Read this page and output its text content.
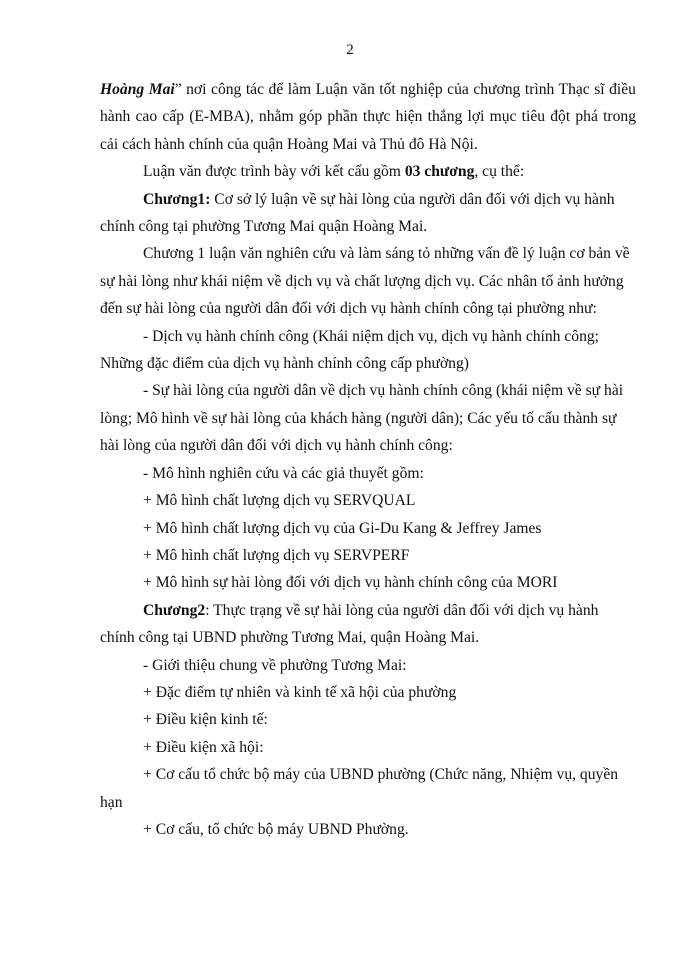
2

Hoàng Mai” nơi công tác để làm Luận văn tốt nghiệp của chương trình Thạc sĩ điều hành cao cấp (E-MBA), nhằm góp phần thực hiện thắng lợi mục tiêu đột phá trong cải cách hành chính của quận Hoàng Mai và Thủ đô Hà Nội.

Luận văn được trình bày với kết cấu gồm 03 chương, cụ thể:

Chương1: Cơ sở lý luận về sự hài lòng của người dân đối với dịch vụ hành chính công tại phường Tương Mai quận Hoàng Mai.

Chương 1 luận văn nghiên cứu và làm sáng tỏ những vấn đề lý luận cơ bản về sự hài lòng như khái niệm về dịch vụ và chất lượng dịch vụ. Các nhân tố ảnh hưởng đến sự hài lòng của người dân đối với dịch vụ hành chính công tại phường như:

- Dịch vụ hành chính công (Khái niệm dịch vụ, dịch vụ hành chính công; Những đặc điểm của dịch vụ hành chính công cấp phường)

- Sự hài lòng của người dân về dịch vụ hành chính công (khái niệm về sự hài lòng; Mô hình về sự hài lòng của khách hàng (người dân); Các yếu tố cấu thành sự hài lòng của người dân đối với dịch vụ hành chính công:

- Mô hình nghiên cứu và các giả thuyết gồm:

+ Mô hình chất lượng dịch vụ SERVQUAL

+ Mô hình chất lượng dịch vụ của Gi-Du Kang & Jeffrey James

+ Mô hình chất lượng dịch vụ SERVPERF

+ Mô hình sự hài lòng đối với dịch vụ hành chính công của MORI

Chương2: Thực trạng về sự hài lòng của người dân đối với dịch vụ hành chính công tại UBND phường Tương Mai, quận Hoàng Mai.

- Giới thiệu chung về phường Tương Mai:

+ Đặc điểm tự nhiên và kinh tế xã hội của phường

+ Điều kiện kinh tế:

+ Điều kiện xã hội:

+ Cơ cấu tổ chức bộ máy của UBND phường (Chức năng, Nhiệm vụ, quyền hạn

+ Cơ cấu, tổ chức bộ máy UBND Phường.
